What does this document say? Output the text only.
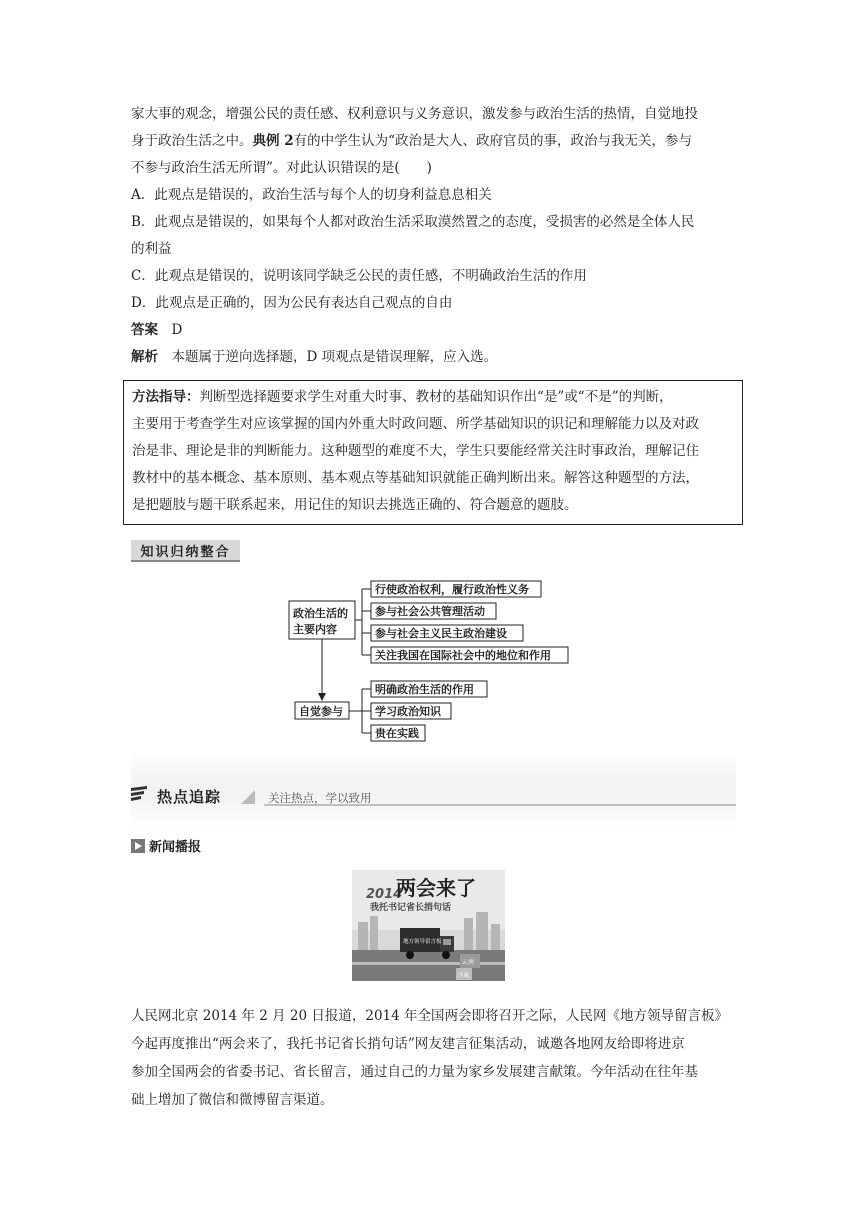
家大事的观念，增强公民的责任感、权利意识与义务意识，激发参与政治生活的热情，自觉地投
身于政治生活之中。典例 2有的中学生认为“政治是大人、政府官员的事，政治与我无关，参与
不参与政治生活无所谓”。对此认识错误的是(　　)
A．此观点是错误的，政治生活与每个人的切身利益息息相关
B．此观点是错误的，如果每个人都对政治生活采取漠然置之的态度，受损害的必然是全体人民
的利益
C．此观点是错误的，说明该同学缺乏公民的责任感，不明确政治生活的作用
D．此观点是正确的，因为公民有表达自己观点的自由
答案　 D
解析　 本题属于逆向选择题，D 项观点是错误理解，应入选。
方法指导：判断型选择题要求学生对重大时事、教材的基础知识作出“是”或“不是”的判断，
主要用于考查学生对应该掌握的国内外重大时政问题、所学基础知识的识记和理解能力以及对政
治是非、理论是非的判断能力。这种题型的难度不大，学生只要能经常关注时事政治，理解记住
教材中的基本概念、基本原则、基本观点等基础知识就能正确判断出来。解答这种题型的方法，
是把题肢与题干联系起来，用记住的知识去挑选正确的、符合题意的题肢。
知识归纳整合
政治生活的
主要内容
行使政治权利，履行政治性义务
参与社会公共管理活动
参与社会主义民主政治建设
关注我国在国际社会中的地位和作用
自觉参与
明确政治生活的作用
学习政治知识
贵在实践
热点追踪	关注热点，学以致用
新闻播报
地方领导留言板
2014
两会来了
我托书记省长捎句话
云南
西藏
人民网北京 2014 年 2 月 20 日报道，2014 年全国两会即将召开之际，人民网《地方领导留言板》
今起再度推出“两会来了，我托书记省长捎句话”网友建言征集活动，诚邀各地网友给即将进京
参加全国两会的省委书记、省长留言，通过自己的力量为家乡发展建言献策。今年活动在往年基
础上增加了微信和微博留言渠道。
